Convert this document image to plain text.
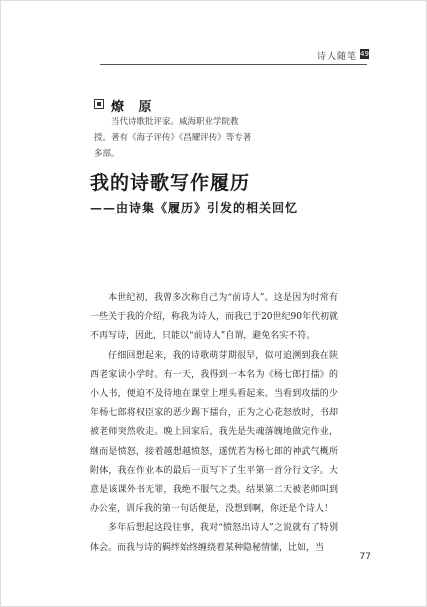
诗人随笔 49
燎 原

当代诗歌批评家。威海职业学院教授。著有《海子评传》《昌耀评传》等专著多部。

我的诗歌写作履历
——由诗集《履历》引发的相关回忆

本世纪初，我曾多次称自己为“前诗人”。这是因为时常有一些关于我的介绍，称我为诗人，而我已于20世纪90年代初就不再写诗，因此，只能以“前诗人”自谓，避免名实不符。

仔细回想起来，我的诗歌萌芽期很早，似可追溯到我在陕西老家读小学时。有一天，我得到一本名为《杨七郎打擂》的小人书，便迫不及待地在课堂上埋头看起来。当看到攻擂的少年杨七郎将权臣家的恶少踢下擂台，正为之心花怒放时，书却被老师突然收走。晚上回家后，我先是失魂落魄地做完作业，继而是愤怒，接着越想越愤怒，遂恍若为杨七郎的神武气概所附体，我在作业本的最后一页写下了生平第一首分行文字。大意是该课外书无罪，我绝不服气之类。结果第二天被老师叫到办公室，训斥我的第一句话便是，没想到啊，你还是个诗人！

多年后想起这段往事，我对“愤怒出诗人”之说就有了特别体会。而我与诗的羁绊始终缠绕着某种隐秘情愫，比如，当

77
